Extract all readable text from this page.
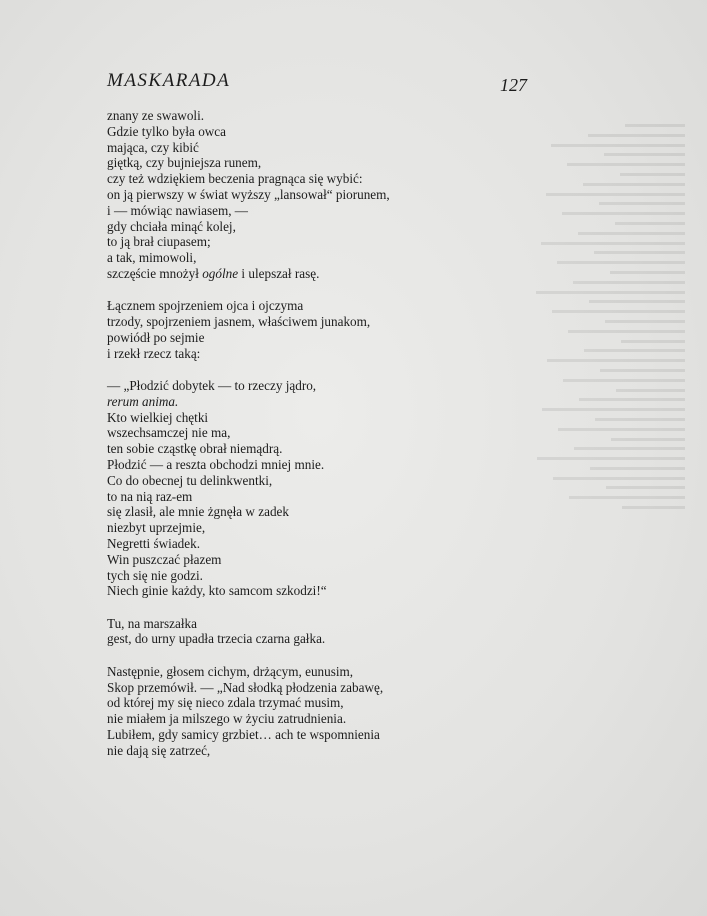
MASKARADA	127
znany ze swawoli.
Gdzie tylko była owca
mająca, czy kibić
giętką, czy bujniejsza runem,
czy też wdziękiem beczenia pragnąca się wybić:
on ją pierwszy w świat wyższy „lansował“ piorunem,
i — mówiąc nawiasem, —
gdy chciała minąć kolej,
to ją brał ciupasem;
a tak, mimowoli,
szczęście mnożył ogólne i ulepszał rasę.
Łącznem spojrzeniem ojca i ojczyma
trzody, spojrzeniem jasnem, właściwem junakom,
powiódł po sejmie
i rzekł rzecz taką:
— „Płodzić dobytek — to rzeczy jądro,
rerum anima.
Kto wielkiej chętki
wszechsamczej nie ma,
ten sobie cząstkę obrał niemądrą.
Płodzić — a reszta obchodzi mniej mnie.
Co do obecnej tu delinkwentki,
to na nią raz-em
się zlasił, ale mnie żgnęła w zadek
niezbyt uprzejmie,
Negretti świadek.
Win puszczać płazem
tych się nie godzi.
Niech ginie każdy, kto samcom szkodzi!“
Tu, na marszałka
gest, do urny upadła trzecia czarna gałka.
Następnie, głosem cichym, drżącym, eunusim,
Skop przemówił. — „Nad słodką płodzenia zabawę,
od której my się nieco zdala trzymać musim,
nie miałem ja milszego w życiu zatrudnienia.
Lubiłem, gdy samicy grzbiet… ach te wspomnienia
nie dają się zatrzeć,
